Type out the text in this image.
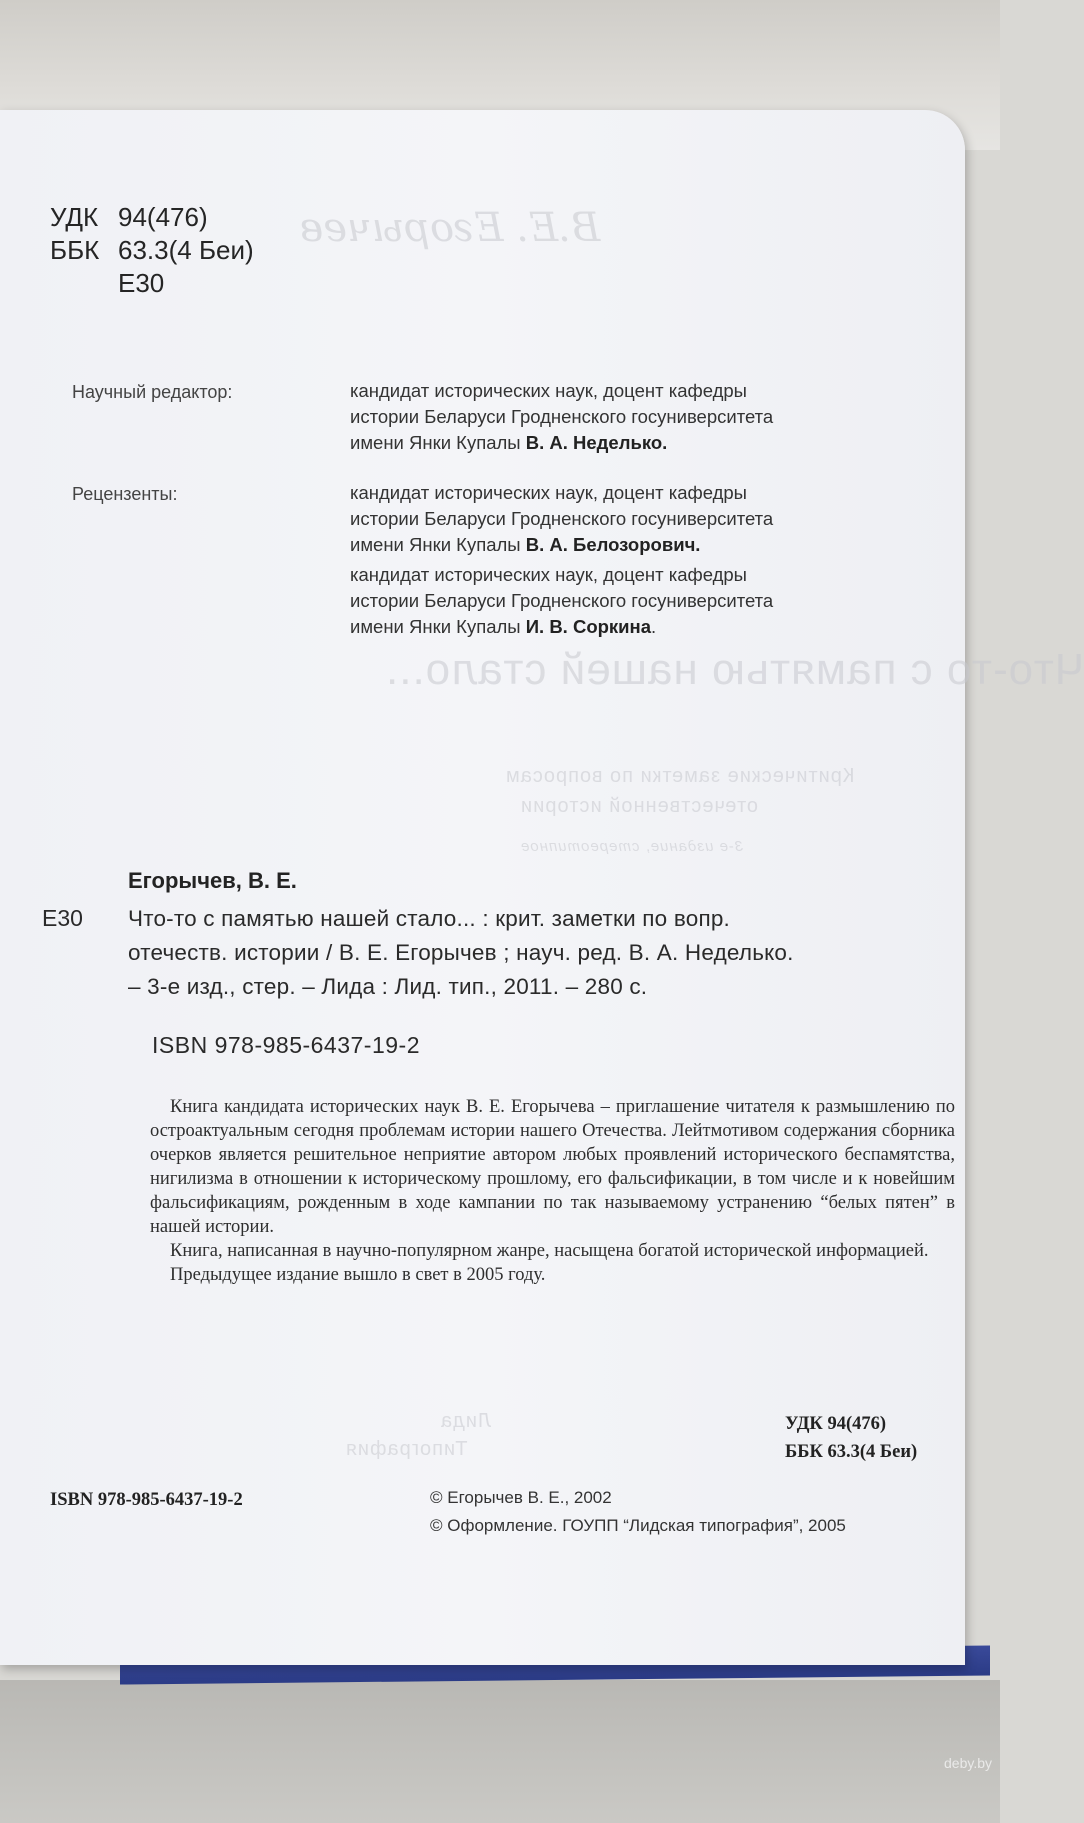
В.Е. Егорычев
Что-то с памятью нашей стало...
Критические заметки по вопросам
отечественной истории
3-е издание, стереотипное
Лида
Типография
УДК 94(476)
ББК 63.3(4 Беи)
Е30
Научный редактор:	кандидат исторических наук, доцент кафедры
истории Беларуси Гродненского госуниверситета
имени Янки Купалы В. А. Неделько.
Рецензенты:	кандидат исторических наук, доцент кафедры
истории Беларуси Гродненского госуниверситета
имени Янки Купалы В. А. Белозорович.
кандидат исторических наук, доцент кафедры
истории Беларуси Гродненского госуниверситета
имени Янки Купалы И. В. Соркина.
Егорычев, В. Е.
Е30 Что-то с памятью нашей стало... : крит. заметки по вопр.
отечеств. истории / В. Е. Егорычев ; науч. ред. В. А. Неделько.
– 3-е изд., стер. – Лида : Лид. тип., 2011. – 280 с.
ISBN 978-985-6437-19-2

Книга кандидата исторических наук В. Е. Егорычева – приглашение читателя к размышлению по остроактуальным сегодня проблемам истории нашего Отечества. Лейтмотивом содержания сборника очерков является решительное неприятие автором любых проявлений исторического беспамятства, нигилизма в отношении к историческому прошлому, его фальсификации, в том числе и к новейшим фальсификациям, рожденным в ходе кампании по так называемому устранению “белых пятен” в нашей истории.

Книга, написанная в научно-популярном жанре, насыщена богатой исторической информацией.

Предыдущее издание вышло в свет в 2005 году.

УДК 94(476)
ББК 63.3(4 Беи)
ISBN 978-985-6437-19-2	© Егорычев В. Е., 2002
© Оформление. ГОУПП “Лидская типография”, 2005
deby.by
